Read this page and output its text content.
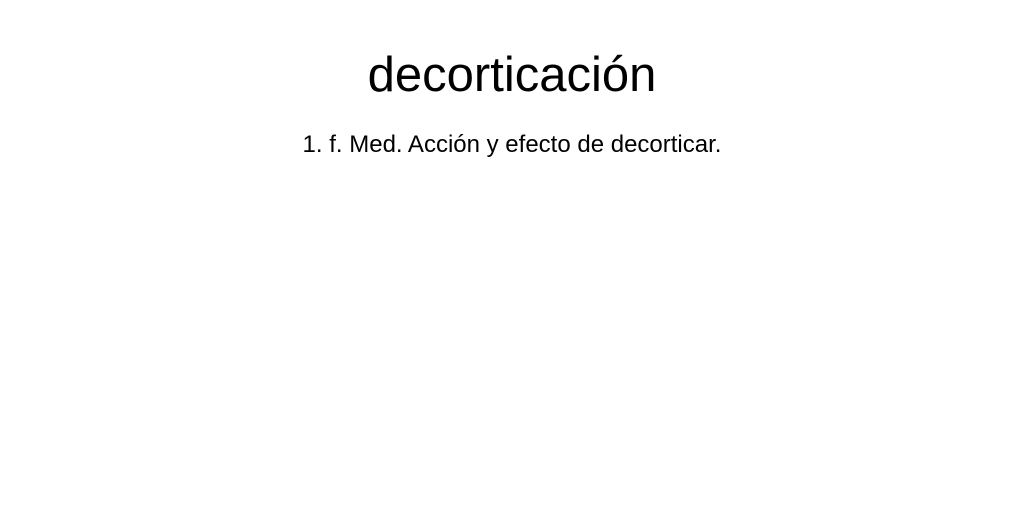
decorticación

1. f. Med. Acción y efecto de decorticar.
